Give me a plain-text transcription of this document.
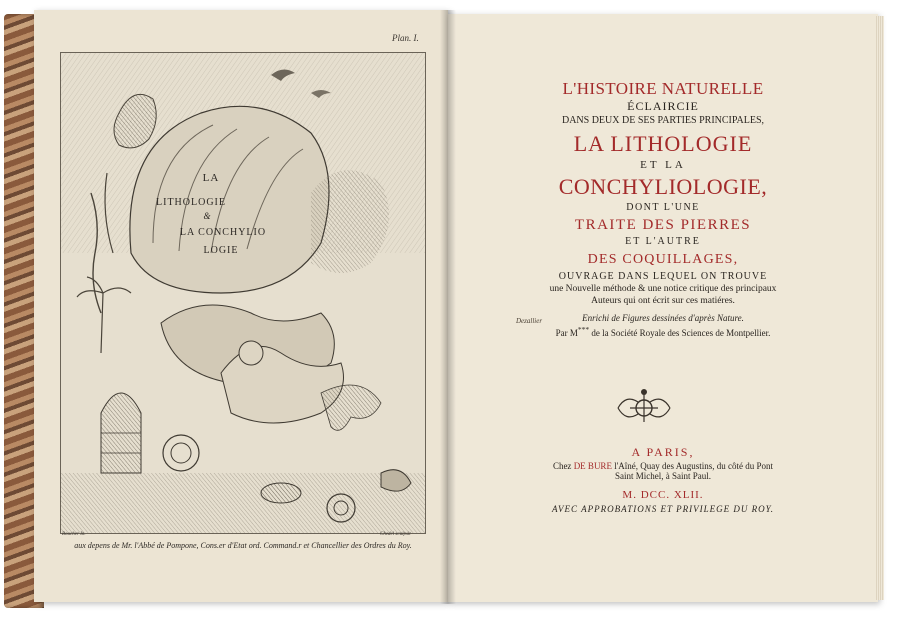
Plan. I.
LA
LITHOLOGIE
&
LA CONCHYLIO
LOGIE
Boucher In.	Chedel sculpsit
aux depens de Mr. l'Abbé de Pompone, Cons.er d'Etat ord. Command.r et Chancellier des Ordres du Roy.
L'HISTOIRE NATURELLE
ÉCLAIRCIE
DANS DEUX DE SES PARTIES PRINCIPALES,
LA LITHOLOGIE
ET LA
CONCHYLIOLOGIE,
DONT L'UNE
TRAITE DES PIERRES
ET L'AUTRE
DES COQUILLAGES,
OUVRAGE DANS LEQUEL ON TROUVE
une Nouvelle méthode & une notice critique des principaux
Auteurs qui ont écrit sur ces matiéres.
Enrichi de Figures dessinées d'après Nature.
Par M*** de la Société Royale des Sciences de Montpellier.
Dezallier
A PARIS,
Chez DE BURE l'Aîné, Quay des Augustins, du côté du Pont
Saint Michel, à Saint Paul.
M. DCC. XLII.
AVEC APPROBATIONS ET PRIVILEGE DU ROY.
